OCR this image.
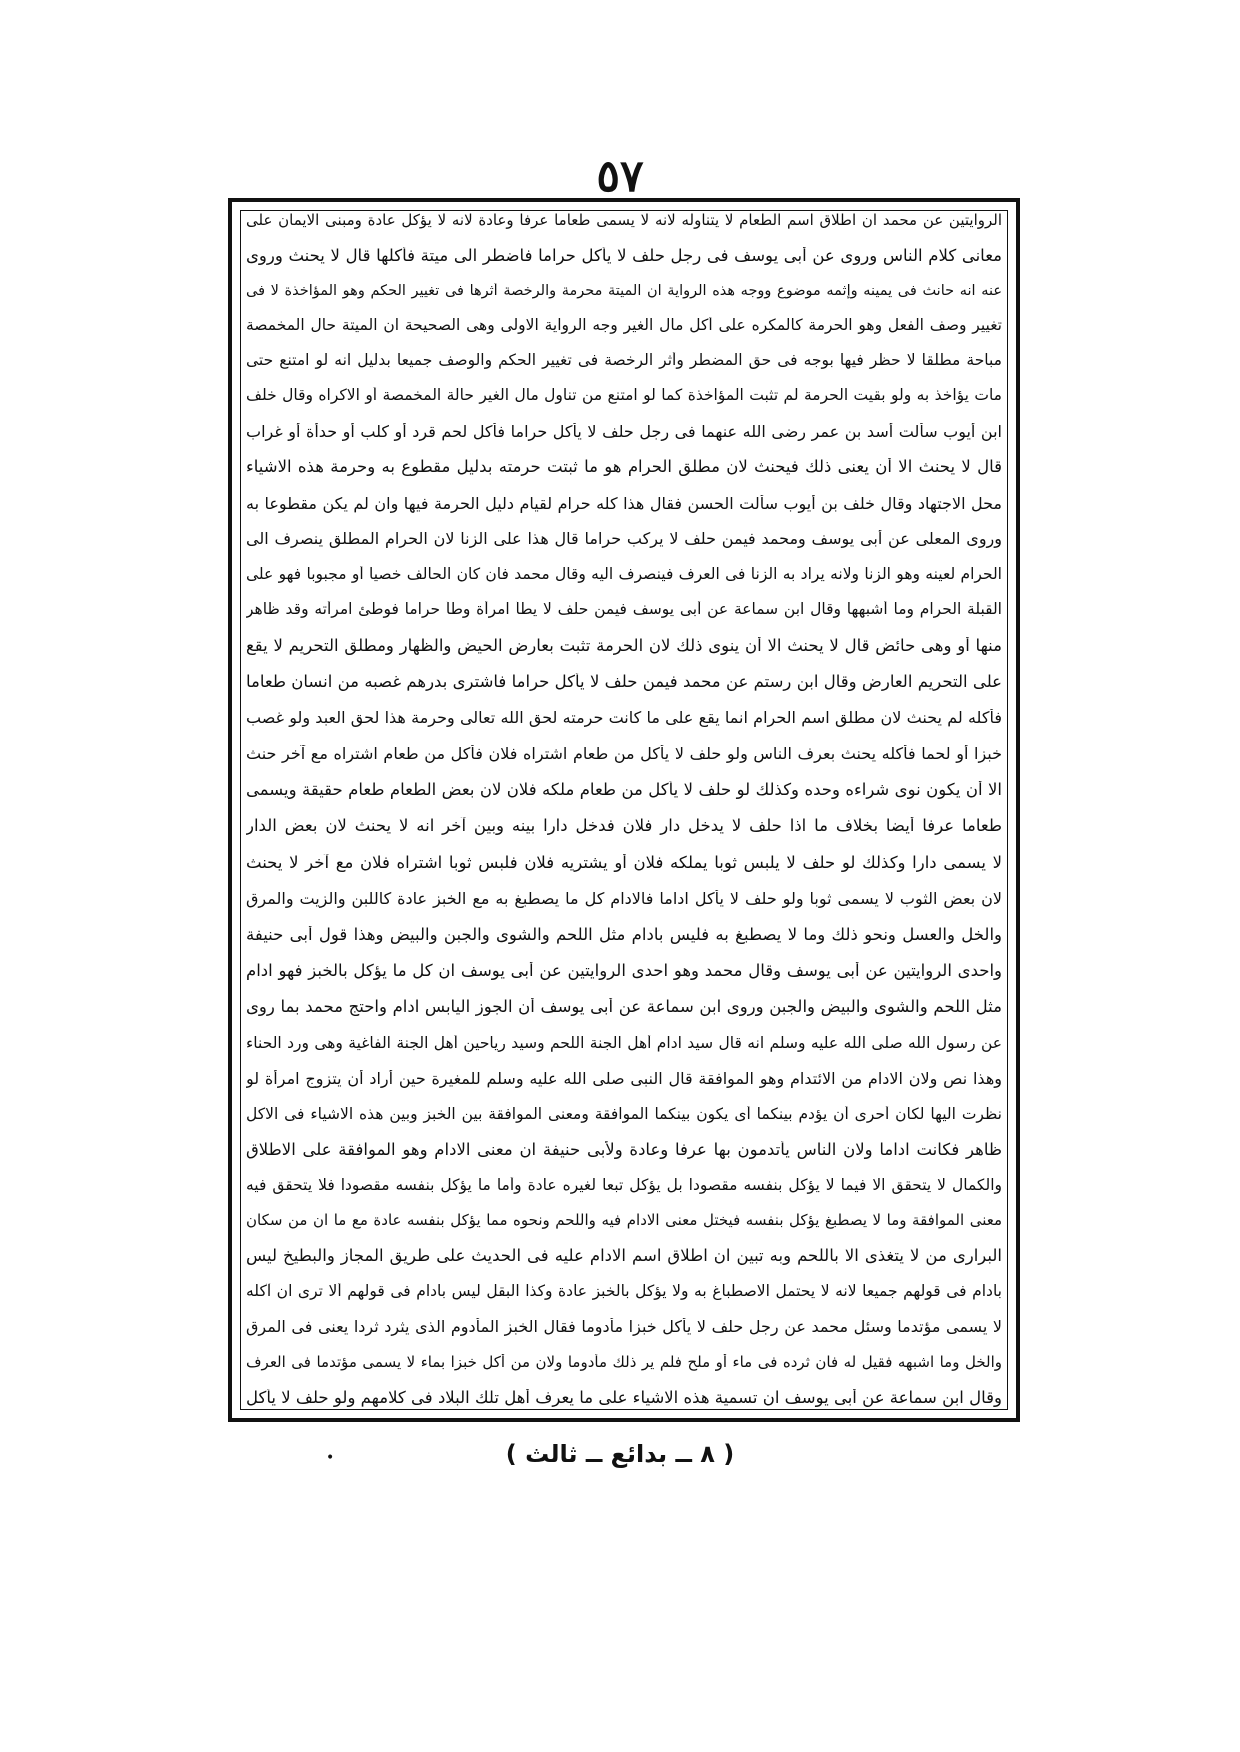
٥٧
الروايتين عن محمد ان اطلاق اسم الطعام لا يتناوله لانه لا يسمى طعاما عرفا وعادة لانه لا يؤكل عادة ومبنى الايمان على
معانى كلام الناس وروى عن أبى يوسف فى رجل حلف لا يأكل حراما فاضطر الى ميتة فأكلها قال لا يحنث وروى
عنه انه حانث فى يمينه وإثمه موضوع ووجه هذه الرواية ان الميتة محرمة والرخصة أثرها فى تغيير الحكم وهو المؤاخذة لا فى
تغيير وصف الفعل وهو الحرمة كالمكره على أكل مال الغير وجه الرواية الاولى وهى الصحيحة ان الميتة حال المخمصة
مباحة مطلقا لا حظر فيها بوجه فى حق المضطر وأثر الرخصة فى تغيير الحكم والوصف جميعا بدليل انه لو امتنع حتى
مات يؤاخذ به ولو بقيت الحرمة لم تثبت المؤاخذة كما لو امتنع من تناول مال الغير حالة المخمصة أو الاكراه وقال خلف
ابن أيوب سألت أسد بن عمر رضى الله عنهما فى رجل حلف لا يأكل حراما فأكل لحم قرد أو كلب أو حدأة أو غراب
قال لا يحنث الا أن يعنى ذلك فيحنث لان مطلق الحرام هو ما ثبتت حرمته بدليل مقطوع به وحرمة هذه الاشياء
محل الاجتهاد وقال خلف بن أيوب سألت الحسن فقال هذا كله حرام لقيام دليل الحرمة فيها وان لم يكن مقطوعا به
وروى المعلى عن أبى يوسف ومحمد فيمن حلف لا يركب حراما قال هذا على الزنا لان الحرام المطلق ينصرف الى
الحرام لعينه وهو الزنا ولانه يراد به الزنا فى العرف فينصرف اليه وقال محمد فان كان الحالف خصيا أو مجبوبا فهو على
القبلة الحرام وما أشبهها وقال ابن سماعة عن أبى يوسف فيمن حلف لا يطأ امرأة وطأ حراما فوطئ امرأته وقد ظاهر
منها أو وهى حائض قال لا يحنث الا أن ينوى ذلك لان الحرمة تثبت بعارض الحيض والظهار ومطلق التحريم لا يقع
على التحريم العارض وقال ابن رستم عن محمد فيمن حلف لا يأكل حراما فاشترى بدرهم غصبه من انسان طعاما
فأكله لم يحنث لان مطلق اسم الحرام انما يقع على ما كانت حرمته لحق الله تعالى وحرمة هذا لحق العبد ولو غصب
خبزا أو لحما فأكله يحنث بعرف الناس ولو حلف لا يأكل من طعام اشتراه فلان فأكل من طعام اشتراه مع آخر حنث
الا أن يكون نوى شراءه وحده وكذلك لو حلف لا يأكل من طعام ملكه فلان لان بعض الطعام طعام حقيقة ويسمى
طعاما عرفا أيضا بخلاف ما اذا حلف لا يدخل دار فلان فدخل دارا بينه وبين آخر انه لا يحنث لان بعض الدار
لا يسمى دارا وكذلك لو حلف لا يلبس ثوبا يملكه فلان أو يشتريه فلان فلبس ثوبا اشتراه فلان مع آخر لا يحنث
لان بعض الثوب لا يسمى ثوبا ولو حلف لا يأكل اداما فالادام كل ما يصطبغ به مع الخبز عادة كاللبن والزيت والمرق
والخل والعسل ونحو ذلك وما لا يصطبغ به فليس بادام مثل اللحم والشوى والجبن والبيض وهذا قول أبى حنيفة
واحدى الروايتين عن أبى يوسف وقال محمد وهو احدى الروايتين عن أبى يوسف ان كل ما يؤكل بالخبز فهو ادام
مثل اللحم والشوى والبيض والجبن وروى ابن سماعة عن أبى يوسف أن الجوز اليابس ادام واحتج محمد بما روى
عن رسول الله صلى الله عليه وسلم انه قال سيد ادام أهل الجنة اللحم وسيد رياحين أهل الجنة الفاغية وهى ورد الحناء
وهذا نص ولان الادام من الائتدام وهو الموافقة قال النبى صلى الله عليه وسلم للمغيرة حين أراد أن يتزوج امرأة لو
نظرت اليها لكان أحرى أن يؤدم بينكما أى يكون بينكما الموافقة ومعنى الموافقة بين الخبز وبين هذه الاشياء فى الاكل
ظاهر فكانت اداما ولان الناس يأتدمون بها عرفا وعادة ولأبى حنيفة ان معنى الادام وهو الموافقة على الاطلاق
والكمال لا يتحقق الا فيما لا يؤكل بنفسه مقصودا بل يؤكل تبعا لغيره عادة وأما ما يؤكل بنفسه مقصودا فلا يتحقق فيه
معنى الموافقة وما لا يصطبغ يؤكل بنفسه فيختل معنى الادام فيه واللحم ونحوه مما يؤكل بنفسه عادة مع ما ان من سكان
البرارى من لا يتغذى الا باللحم وبه تبين ان اطلاق اسم الادام عليه فى الحديث على طريق المجاز والبطيخ ليس
بادام فى قولهم جميعا لانه لا يحتمل الاصطباغ به ولا يؤكل بالخبز عادة وكذا البقل ليس بادام فى قولهم ألا ترى ان آكله
لا يسمى مؤتدما وسئل محمد عن رجل حلف لا يأكل خبزا مأدوما فقال الخبز المأدوم الذى يثرد ثردا يعنى فى المرق
والخل وما اشبهه فقيل له فان ثرده فى ماء أو ملح فلم ير ذلك مأدوما ولان من أكل خبزا بماء لا يسمى مؤتدما فى العرف
وقال ابن سماعة عن أبى يوسف ان تسمية هذه الاشياء على ما يعرف أهل تلك البلاد فى كلامهم ولو حلف لا يأكل
•	( ٨ ــ بدائع ــ ثالث )
